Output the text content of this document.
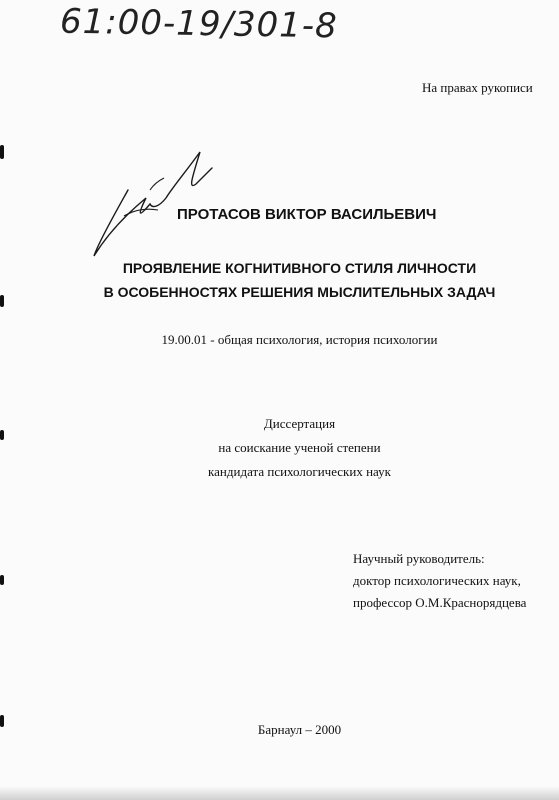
61:00-19/301-8
На правах рукописи
ПРОТАСОВ ВИКТОР ВАСИЛЬЕВИЧ
ПРОЯВЛЕНИЕ КОГНИТИВНОГО СТИЛЯ ЛИЧНОСТИ
В ОСОБЕННОСТЯХ РЕШЕНИЯ МЫСЛИТЕЛЬНЫХ ЗАДАЧ
19.00.01 - общая психология, история психологии
Диссертация
на соискание ученой степени
кандидата психологических наук
Научный руководитель:
доктор психологических наук,
профессор О.М.Краснорядцева
Барнаул – 2000
